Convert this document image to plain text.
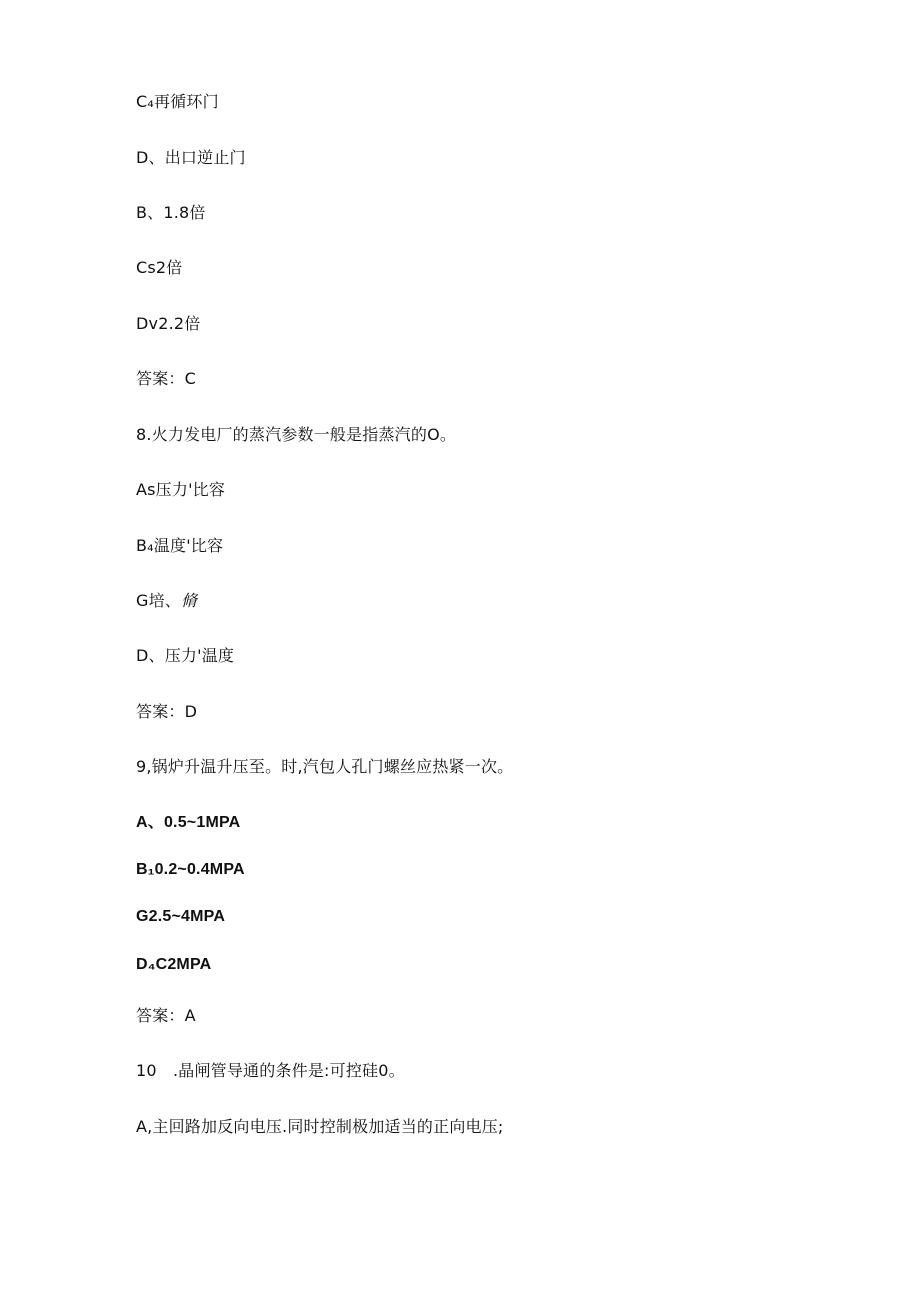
C₄再循环门
D、出口逆止门
B、1.8倍
Cs2倍
Dv2.2倍
答案：C
8.火力发电厂的蒸汽参数一般是指蒸汽的O。
As压力'比容
B₄温度'比容
G培、脩
D、压力'温度
答案：D
9,锅炉升温升压至。时,汽包人孔门螺丝应热紧一次。
A、0.5~1MPA
B₁0.2~0.4MPA
G2.5~4MPA
D₄C2MPA
答案：A
10　.晶闸管导通的条件是:可控硅0。
A,主回路加反向电压.同时控制极加适当的正向电压;
